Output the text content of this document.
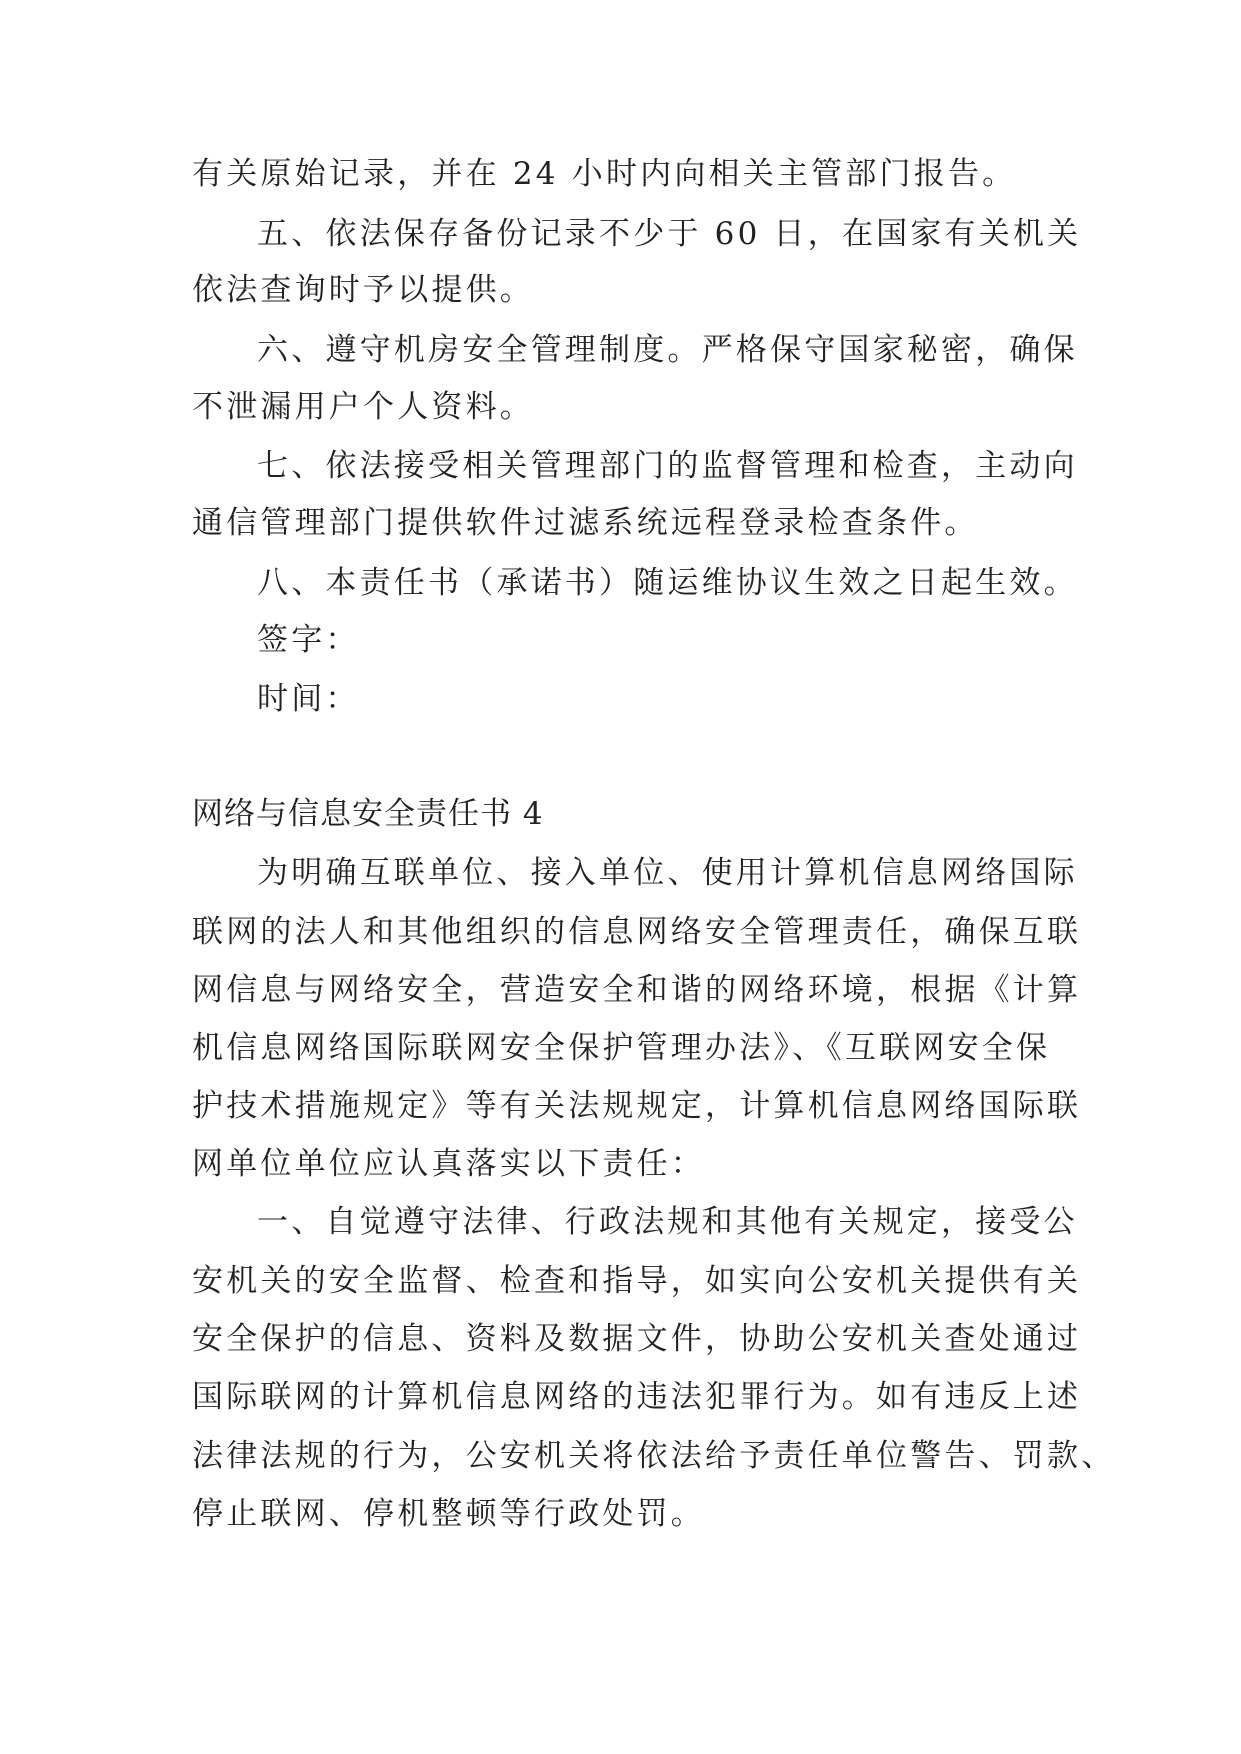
有关原始记录，并在 24 小时内向相关主管部门报告。
五、依法保存备份记录不少于 60 日，在国家有关机关
依法查询时予以提供。
六、遵守机房安全管理制度。严格保守国家秘密，确保
不泄漏用户个人资料。
七、依法接受相关管理部门的监督管理和检查，主动向
通信管理部门提供软件过滤系统远程登录检查条件。
八、本责任书（承诺书）随运维协议生效之日起生效。
签字：
时间：
网络与信息安全责任书 4
为明确互联单位、接入单位、使用计算机信息网络国际
联网的法人和其他组织的信息网络安全管理责任，确保互联
网信息与网络安全，营造安全和谐的网络环境，根据《计算
机信息网络国际联网安全保护管理办法》、《互联网安全保
护技术措施规定》等有关法规规定，计算机信息网络国际联
网单位单位应认真落实以下责任：
一、自觉遵守法律、行政法规和其他有关规定，接受公
安机关的安全监督、检查和指导，如实向公安机关提供有关
安全保护的信息、资料及数据文件，协助公安机关查处通过
国际联网的计算机信息网络的违法犯罪行为。如有违反上述
法律法规的行为，公安机关将依法给予责任单位警告、罚款、
停止联网、停机整顿等行政处罚。
